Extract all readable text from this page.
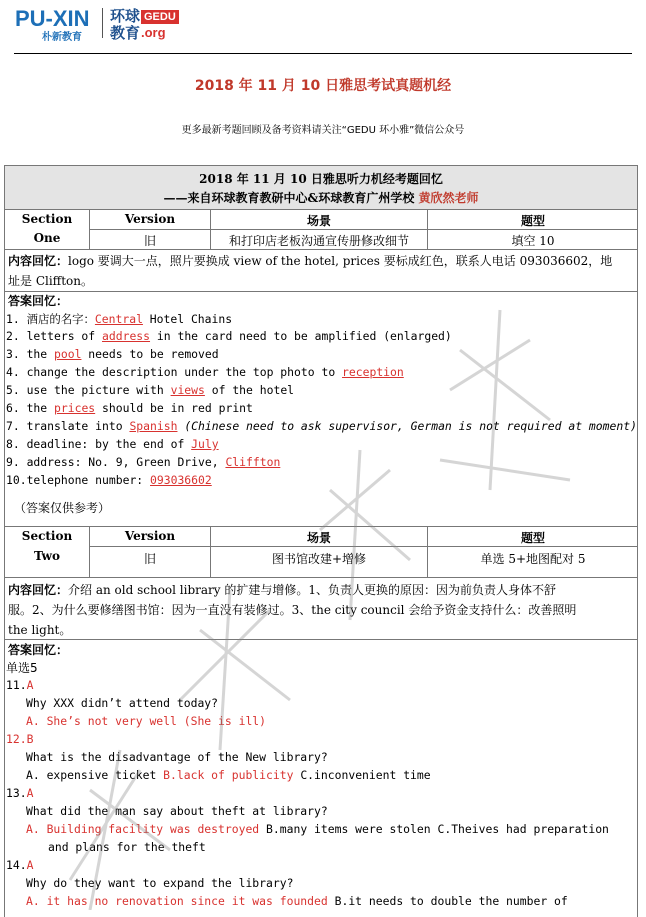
PU-XIN
朴新教育
环球
教育
GEDU
.org
2018 年 11 月 10 日雅思考试真题机经
更多最新考题回顾及备考资料请关注“GEDU 环小雅”微信公众号
2018 年 11 月 10 日雅思听力机经考题回忆
——来自环球教育教研中心&环球教育广州学校 黄欣然老师
Section
One
Version	场景	题型
旧	和打印店老板沟通宣传册修改细节	填空 10
内容回忆：logo 要调大一点，照片要换成 view of the hotel, prices 要标成红色，联系人电话 093036602，地
址是 Cliffton。
答案回忆：
1. 酒店的名字：Central Hotel Chains
2. letters of address in the card need to be amplified (enlarged)
3. the pool needs to be removed
4. change the description under the top photo to reception
5. use the picture with views of the hotel
6. the prices should be in red print
7. translate into Spanish (Chinese need to ask supervisor, German is not required at moment)
8. deadline: by the end of July
9. address: No. 9, Green Drive, Cliffton
10.telephone number: 093036602
（答案仅供参考）
Section
Two
Version	场景	题型
旧	图书馆改建+增修	单选 5+地图配对 5
内容回忆：介绍 an old school library 的扩建与增修。1、负责人更换的原因：因为前负责人身体不舒
服。2、为什么要修缮图书馆：因为一直没有装修过。3、the city council 会给予资金支持什么：改善照明
the light。
答案回忆：
单选5
11.A
Why XXX didn’t attend today?
A. She’s not very well (She is ill)
12.B
What is the disadvantage of the New library?
A. expensive ticket B.lack of publicity C.inconvenient time
13.A
What did the man say about theft at library?
A. Building facility was destroyed B.many items were stolen C.Theives had preparation
and plans for the theft
14.A
Why do they want to expand the library?
A. it has no renovation since it was founded B.it needs to double the number of
